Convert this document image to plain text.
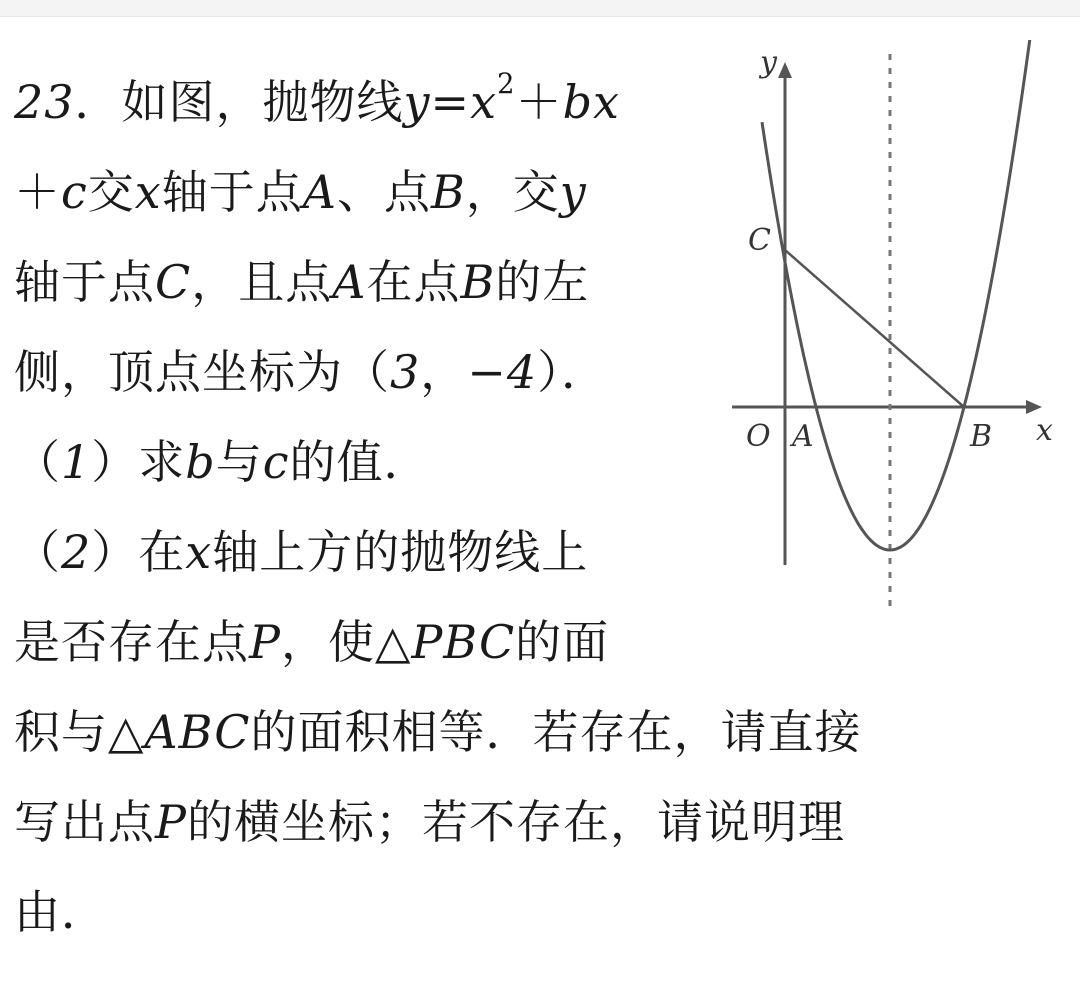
23．如图，抛物线$y=x^2+bx$
＋c交x轴于点A、点B，交y
轴于点C，且点A在点B的左
侧，顶点坐标为（3，−4）．
（1）求b与c的值．
（2）在x轴上方的抛物线上
是否存在点P，使△PBC的面
积与△ABC的面积相等．若存在，请直接
写出点P的横坐标；若不存在，请说明理
由．
y
x
O A	B
C
